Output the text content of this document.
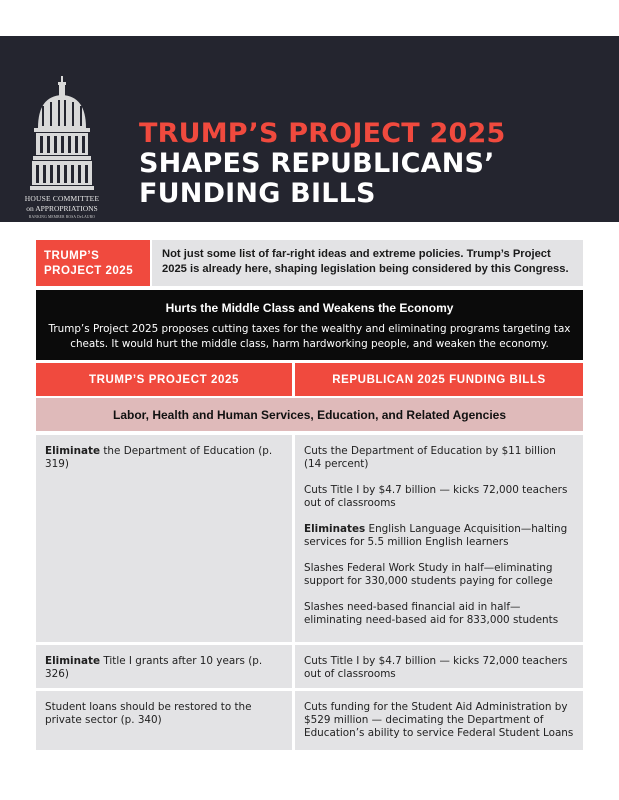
HOUSE COMMITTEE
on APPROPRIATIONS
RANKING MEMBER ROSA DeLAURO
TRUMP’S PROJECT 2025
SHAPES REPUBLICANS’
FUNDING BILLS
TRUMP’S
PROJECT 2025
Not just some list of far-right ideas and extreme policies. Trump’s Project 2025 is already here, shaping legislation being considered by this Congress.
Hurts the Middle Class and Weakens the Economy
Trump’s Project 2025 proposes cutting taxes for the wealthy and eliminating programs targeting tax cheats. It would hurt the middle class, harm hardworking people, and weaken the economy.
TRUMP’S PROJECT 2025	REPUBLICAN 2025 FUNDING BILLS
Labor, Health and Human Services, Education, and Related Agencies

Eliminate the Department of Education (p. 319)

Cuts the Department of Education by $11 billion (14 percent)

Cuts Title I by $4.7 billion — kicks 72,000 teachers out of classrooms

Eliminates English Language Acquisition—halting services for 5.5 million English learners

Slashes Federal Work Study in half—eliminating support for 330,000 students paying for college

Slashes need-based financial aid in half—eliminating need-based aid for 833,000 students

Eliminate Title I grants after 10 years (p. 326)

Cuts Title I by $4.7 billion — kicks 72,000 teachers out of classrooms

Student loans should be restored to the private sector (p. 340)

Cuts funding for the Student Aid Administration by $529 million — decimating the Department of Education’s ability to service Federal Student Loans
